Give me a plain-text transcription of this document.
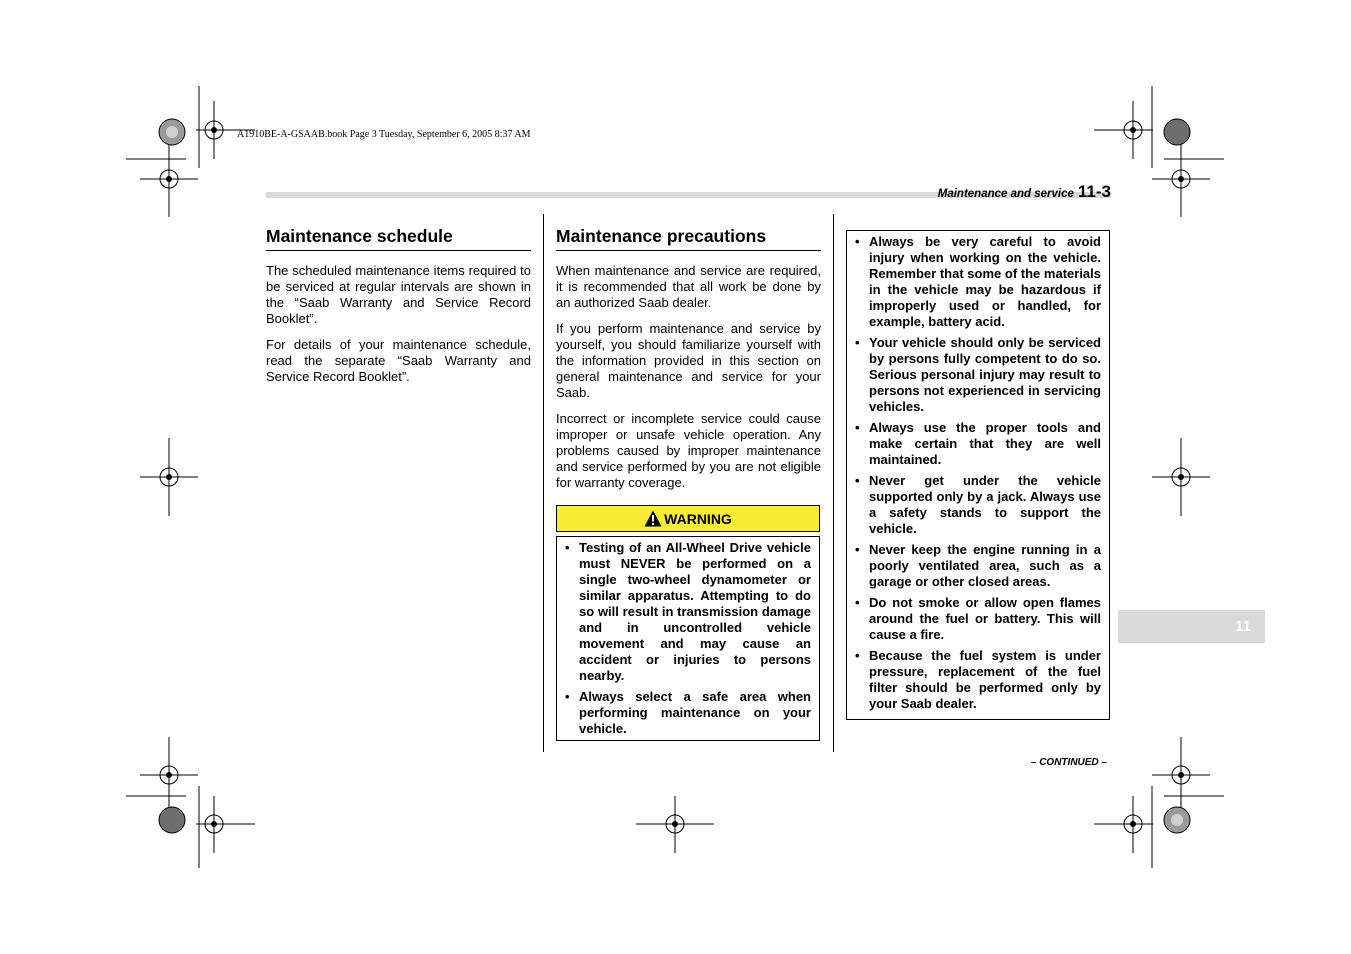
A1910BE-A-GSAAB.book Page 3 Tuesday, September 6, 2005 8:37 AM
Maintenance and service 11-3
Maintenance schedule

The scheduled maintenance items required to be serviced at regular intervals are shown in the “Saab Warranty and Service Record Booklet”.

For details of your maintenance schedule, read the separate “Saab Warranty and Service Record Booklet”.

Maintenance precautions

When maintenance and service are required, it is recommended that all work be done by an authorized Saab dealer.

If you perform maintenance and service by yourself, you should familiarize yourself with the information provided in this section on general maintenance and service for your Saab.

Incorrect or incomplete service could cause improper or unsafe vehicle operation. Any problems caused by improper maintenance and service performed by you are not eligible for warranty coverage.

WARNING
• Testing of an All-Wheel Drive vehicle must NEVER be performed on a single two-wheel dynamometer or similar apparatus. Attempting to do so will result in transmission damage and in uncontrolled vehicle movement and may cause an accident or injuries to persons nearby.
• Always select a safe area when performing maintenance on your vehicle.
• Always be very careful to avoid injury when working on the vehicle. Remember that some of the materials in the vehicle may be hazardous if improperly used or handled, for example, battery acid.
• Your vehicle should only be serviced by persons fully competent to do so. Serious personal injury may result to persons not experienced in servicing vehicles.
• Always use the proper tools and make certain that they are well maintained.
• Never get under the vehicle supported only by a jack. Always use a safety stands to support the vehicle.
• Never keep the engine running in a poorly ventilated area, such as a garage or other closed areas.
• Do not smoke or allow open flames around the fuel or battery. This will cause a fire.
• Because the fuel system is under pressure, replacement of the fuel filter should be performed only by your Saab dealer.
11
– CONTINUED –
